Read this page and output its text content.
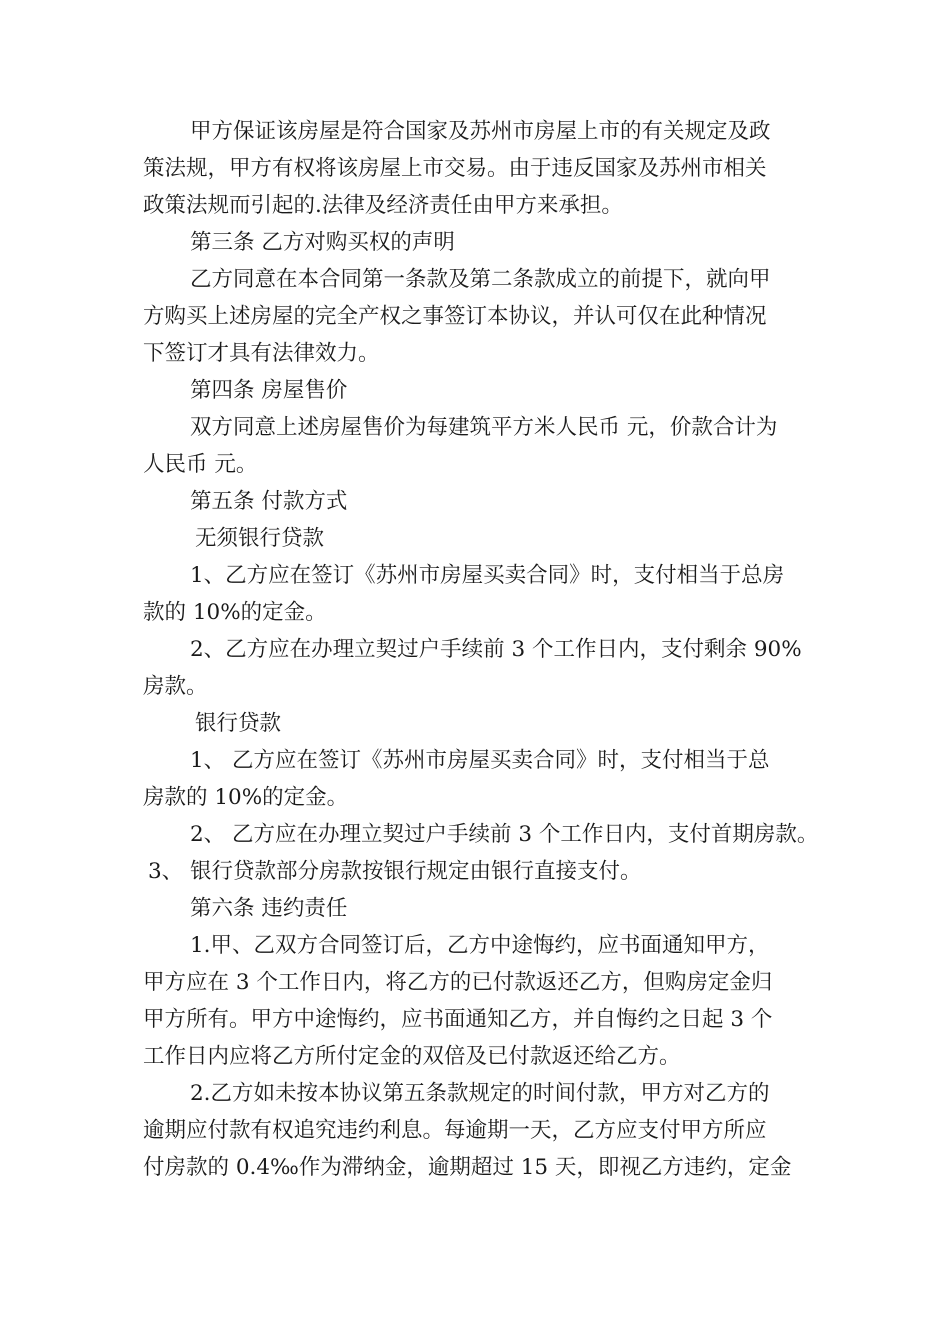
甲方保证该房屋是符合国家及苏州市房屋上市的有关规定及政
策法规，甲方有权将该房屋上市交易。由于违反国家及苏州市相关
政策法规而引起的.法律及经济责任由甲方来承担。
第三条 乙方对购买权的声明
乙方同意在本合同第一条款及第二条款成立的前提下，就向甲
方购买上述房屋的完全产权之事签订本协议，并认可仅在此种情况
下签订才具有法律效力。
第四条 房屋售价
双方同意上述房屋售价为每建筑平方米人民币 元，价款合计为
人民币 元。
第五条 付款方式
无须银行贷款
1、乙方应在签订《苏州市房屋买卖合同》时，支付相当于总房
款的 10%的定金。
2、乙方应在办理立契过户手续前 3 个工作日内，支付剩余 90%
房款。
银行贷款
1、 乙方应在签订《苏州市房屋买卖合同》时，支付相当于总
房款的 10%的定金。
2、 乙方应在办理立契过户手续前 3 个工作日内，支付首期房款。
3、 银行贷款部分房款按银行规定由银行直接支付。
第六条 违约责任
1.甲、乙双方合同签订后，乙方中途悔约，应书面通知甲方，
甲方应在 3 个工作日内，将乙方的已付款返还乙方，但购房定金归
甲方所有。甲方中途悔约，应书面通知乙方，并自悔约之日起 3 个
工作日内应将乙方所付定金的双倍及已付款返还给乙方。
2.乙方如未按本协议第五条款规定的时间付款，甲方对乙方的
逾期应付款有权追究违约利息。每逾期一天，乙方应支付甲方所应
付房款的 0.4‰作为滞纳金，逾期超过 15 天，即视乙方违约，定金
